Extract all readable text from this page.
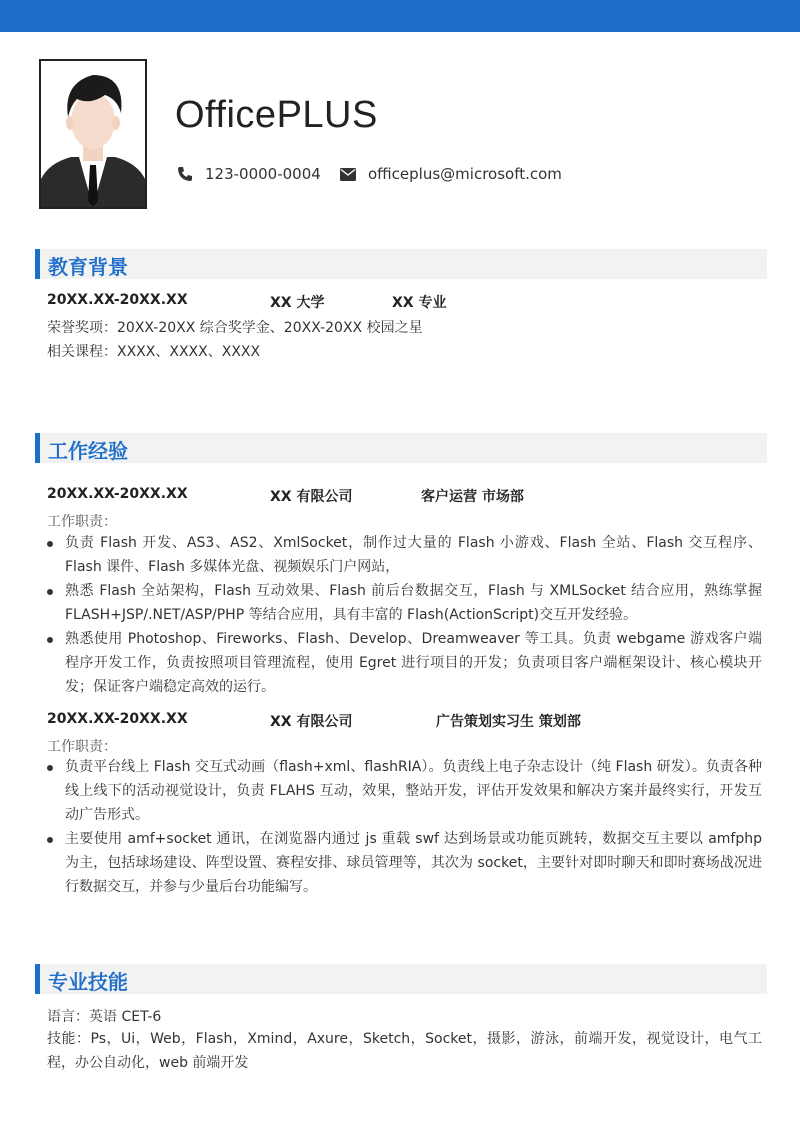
OfficePLUS
123-0000-0004	officeplus@microsoft.com
教育背景
20XX.XX-20XX.XX	XX 大学	XX 专业
荣誉奖项：20XX-20XX 综合奖学金、20XX-20XX 校园之星
相关课程：XXXX、XXXX、XXXX
工作经验
20XX.XX-20XX.XX	XX 有限公司	客户运营 市场部
工作职责：
负责 Flash 开发、AS3、AS2、XmlSocket，制作过大量的 Flash 小游戏、Flash 全站、Flash 交互程序、Flash 课件、Flash 多媒体光盘、视频娱乐门户网站，
熟悉 Flash 全站架构，Flash 互动效果、Flash 前后台数据交互，Flash 与 XMLSocket 结合应用，熟练掌握 FLASH+JSP/.NET/ASP/PHP 等结合应用，具有丰富的 Flash(ActionScript)交互开发经验。
熟悉使用 Photoshop、Fireworks、Flash、Develop、Dreamweaver 等工具。负责 webgame 游戏客户端程序开发工作，负责按照项目管理流程，使用 Egret 进行项目的开发；负责项目客户端框架设计、核心模块开发；保证客户端稳定高效的运行。
20XX.XX-20XX.XX	XX 有限公司	广告策划实习生 策划部
工作职责：
负责平台线上 Flash 交互式动画（flash+xml、flashRIA）。负责线上电子杂志设计（纯 Flash 研发）。负责各种线上线下的活动视觉设计，负责 FLAHS 互动，效果，整站开发，评估开发效果和解决方案并最终实行，开发互动广告形式。
主要使用 amf+socket 通讯，在浏览器内通过 js 重载 swf 达到场景或功能页跳转，数据交互主要以 amfphp 为主，包括球场建设、阵型设置、赛程安排、球员管理等，其次为 socket，主要针对即时聊天和即时赛场战况进行数据交互，并参与少量后台功能编写。
专业技能
语言：英语 CET-6
技能：Ps，Ui，Web，Flash，Xmind，Axure，Sketch，Socket，摄影，游泳，前端开发，视觉设计，电气工程，办公自动化，web 前端开发
